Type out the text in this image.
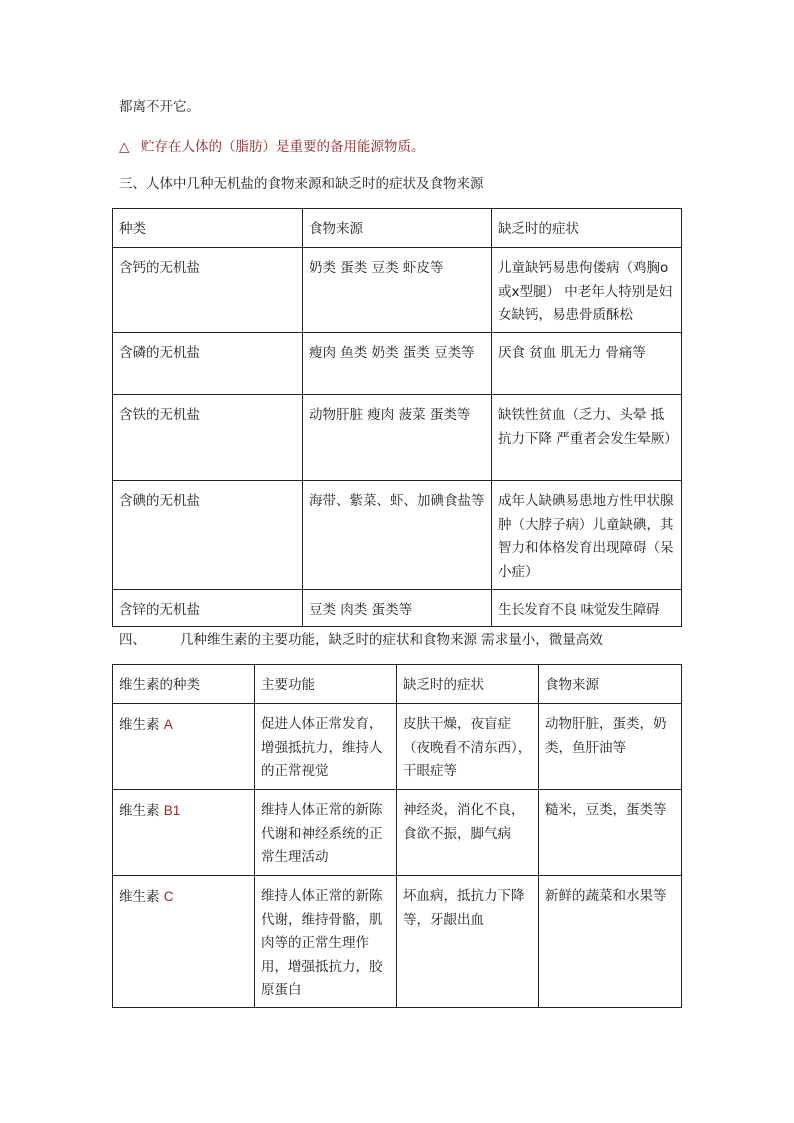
都离不开它。
△ 贮存在人体的（脂肪）是重要的备用能源物质。
三、人体中几种无机盐的食物来源和缺乏时的症状及食物来源
种类	食物来源	缺乏时的症状
含钙的无机盐	奶类 蛋类 豆类 虾皮等	儿童缺钙易患佝偻病（鸡胸o或x型腿） 中老年人特别是妇女缺钙，易患骨质酥松
含磷的无机盐	瘦肉 鱼类 奶类 蛋类 豆类等	厌食 贫血 肌无力 骨痛等
含铁的无机盐	动物肝脏 瘦肉 菠菜 蛋类等	缺铁性贫血（乏力、头晕 抵抗力下降 严重者会发生晕厥）
含碘的无机盐	海带、紫菜、虾、加碘食盐等	成年人缺碘易患地方性甲状腺肿（大脖子病）儿童缺碘，其智力和体格发育出现障碍（呆小症）
含锌的无机盐	豆类 肉类 蛋类等	生长发育不良 味觉发生障碍
四、	几种维生素的主要功能，缺乏时的症状和食物来源 需求量小，微量高效
维生素的种类	主要功能	缺乏时的症状	食物来源
维生素 A	促进人体正常发育，增强抵抗力，维持人的正常视觉	皮肤干燥，夜盲症（夜晚看不清东西），干眼症等	动物肝脏，蛋类，奶类，鱼肝油等
维生素 B1	维持人体正常的新陈代谢和神经系统的正常生理活动	神经炎，消化不良，食欲不振，脚气病	糙米，豆类，蛋类等
维生素 C	维持人体正常的新陈代谢，维持骨骼，肌肉等的正常生理作用，增强抵抗力，胶原蛋白	坏血病，抵抗力下降等，牙龈出血	新鲜的蔬菜和水果等
